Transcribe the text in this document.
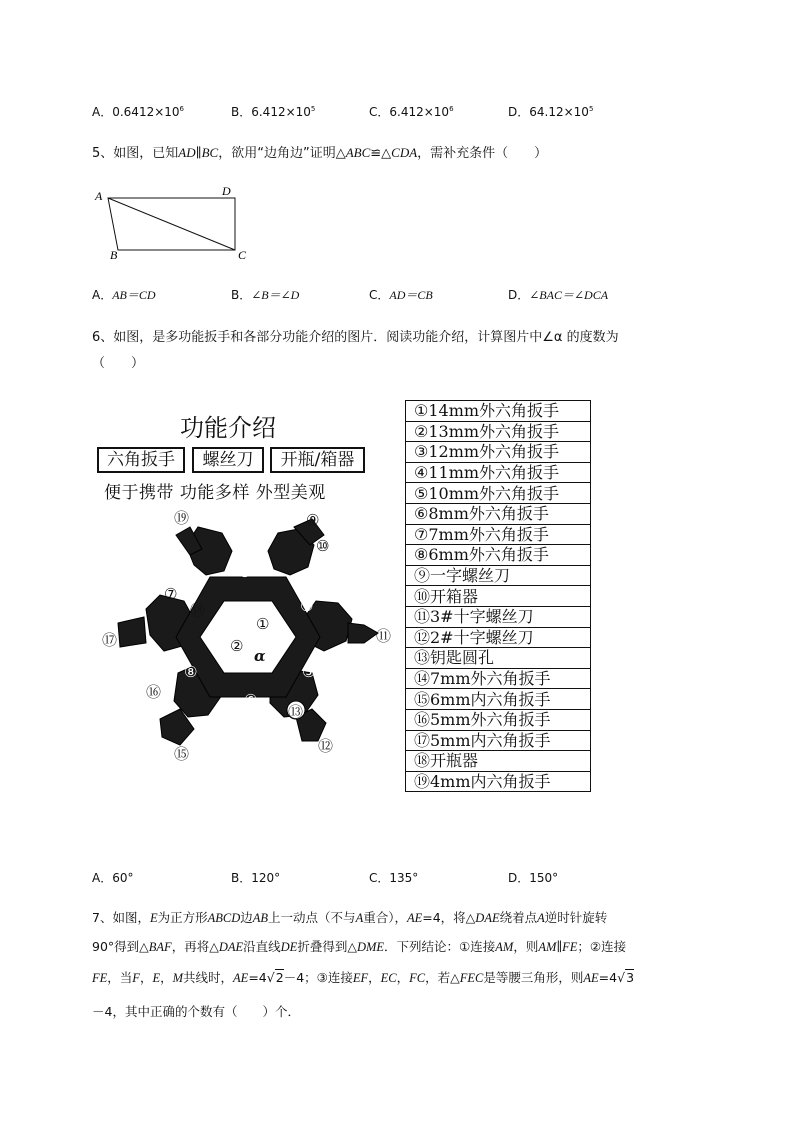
A．$0.6412\times 10^6$	B．$6.412\times 10^5$	C．$6.412\times 10^6$	D．$64.12\times 10^5$
5、如图，已知AD∥BC，欲用“边角边”证明△ABC≌△CDA，需补充条件（　　）
A	D
B	C
A．AB＝CD	B．∠B＝∠D	C．AD＝CB	D．∠BAC＝∠DCA
6、如图，是多功能扳手和各部分功能介绍的图片．阅读功能介绍，计算图片中∠α 的度数为
（　　）
功能介绍
六角扳手	螺丝刀	开瓶/箱器
便于携带 功能多样 外型美观
⑲	⑨
⑩
③
⑦
⑱
①
④
⑰	⑪
②
α
⑧	⑤
⑯	⑥
⑬
⑭
⑫
⑮
①14mm外六角扳手
②13mm外六角扳手
③12mm外六角扳手
④11mm外六角扳手
⑤10mm外六角扳手
⑥8mm外六角扳手
⑦7mm外六角扳手
⑧6mm外六角扳手
⑨一字螺丝刀
⑩开箱器
⑪3#十字螺丝刀
⑫2#十字螺丝刀
⑬钥匙圆孔
⑭7mm外六角扳手
⑮6mm内六角扳手
⑯5mm外六角扳手
⑰5mm内六角扳手
⑱开瓶器
⑲4mm内六角扳手
A．60°	B．120°	C．135°	D．150°
7、如图，E为正方形ABCD边AB上一动点（不与A重合），AE=4，将△DAE绕着点A逆时针旋转
90°得到△BAF，再将△DAE沿直线DE折叠得到△DME．下列结论：①连接AM，则AM∥FE；②连接
FE，当F，E，M共线时，AE=4√2－4；③连接EF，EC，FC，若△FEC是等腰三角形，则AE=4√3
－4，其中正确的个数有（　　）个．
